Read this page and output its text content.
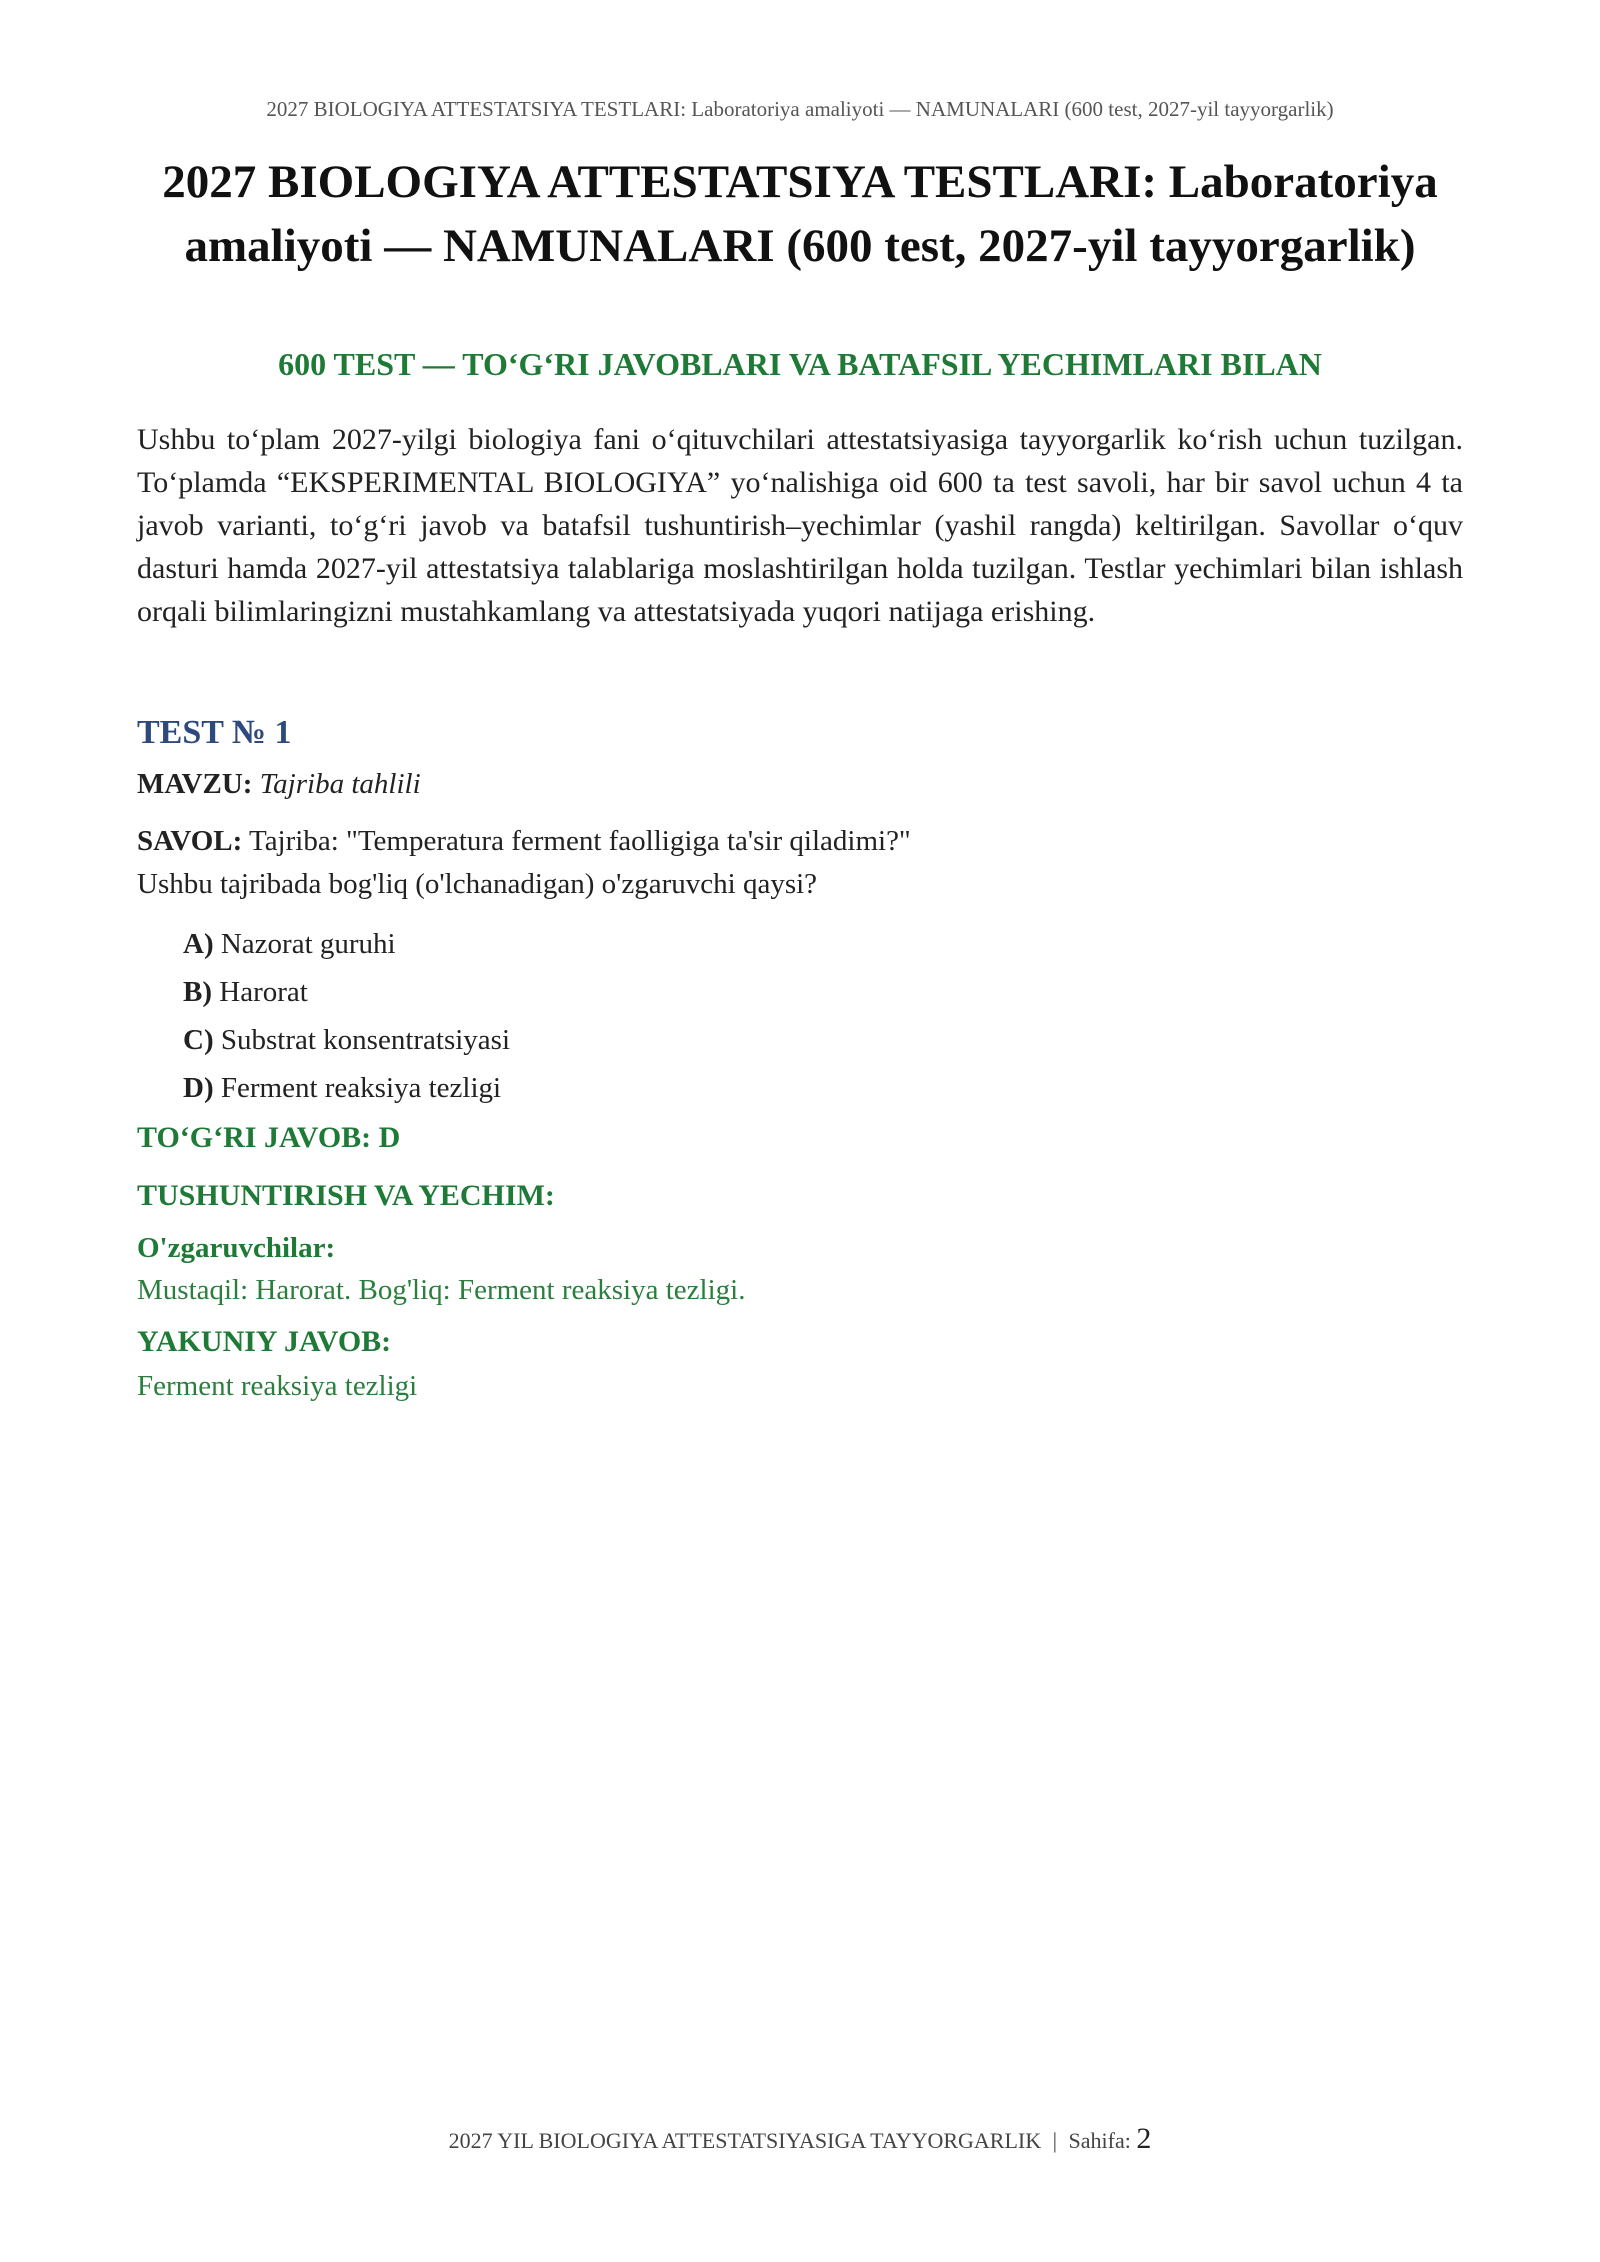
2027 BIOLOGIYA ATTESTATSIYA TESTLARI: Laboratoriya amaliyoti — NAMUNALARI (600 test, 2027-yil tayyorgarlik)
2027 BIOLOGIYA ATTESTATSIYA TESTLARI: Laboratoriya amaliyoti — NAMUNALARI (600 test, 2027-yil tayyorgarlik)
600 TEST — TO‘G‘RI JAVOBLARI VA BATAFSIL YECHIMLARI BILAN

Ushbu to‘plam 2027-yilgi biologiya fani o‘qituvchilari attestatsiyasiga tayyorgarlik ko‘rish uchun tuzilgan. To‘plamda “EKSPERIMENTAL BIOLOGIYA” yo‘nalishiga oid 600 ta test savoli, har bir savol uchun 4 ta javob varianti, to‘g‘ri javob va batafsil tushuntirish–yechimlar (yashil rangda) keltirilgan. Savollar o‘quv dasturi hamda 2027-yil attestatsiya talablariga moslashtirilgan holda tuzilgan. Testlar yechimlari bilan ishlash orqali bilimlaringizni mustahkamlang va attestatsiyada yuqori natijaga erishing.

TEST № 1
MAVZU: Tajriba tahlili
SAVOL: Tajriba: "Temperatura ferment faolligiga ta'sir qiladimi?"
Ushbu tajribada bog'liq (o'lchanadigan) o'zgaruvchi qaysi?
A) Nazorat guruhi
B) Harorat
C) Substrat konsentratsiyasi
D) Ferment reaksiya tezligi
TO‘G‘RI JAVOB: D
TUSHUNTIRISH VA YECHIM:
O'zgaruvchilar:
Mustaqil: Harorat. Bog'liq: Ferment reaksiya tezligi.
YAKUNIY JAVOB:
Ferment reaksiya tezligi
2027 YIL BIOLOGIYA ATTESTATSIYASIGA TAYYORGARLIK | Sahifa: 2
